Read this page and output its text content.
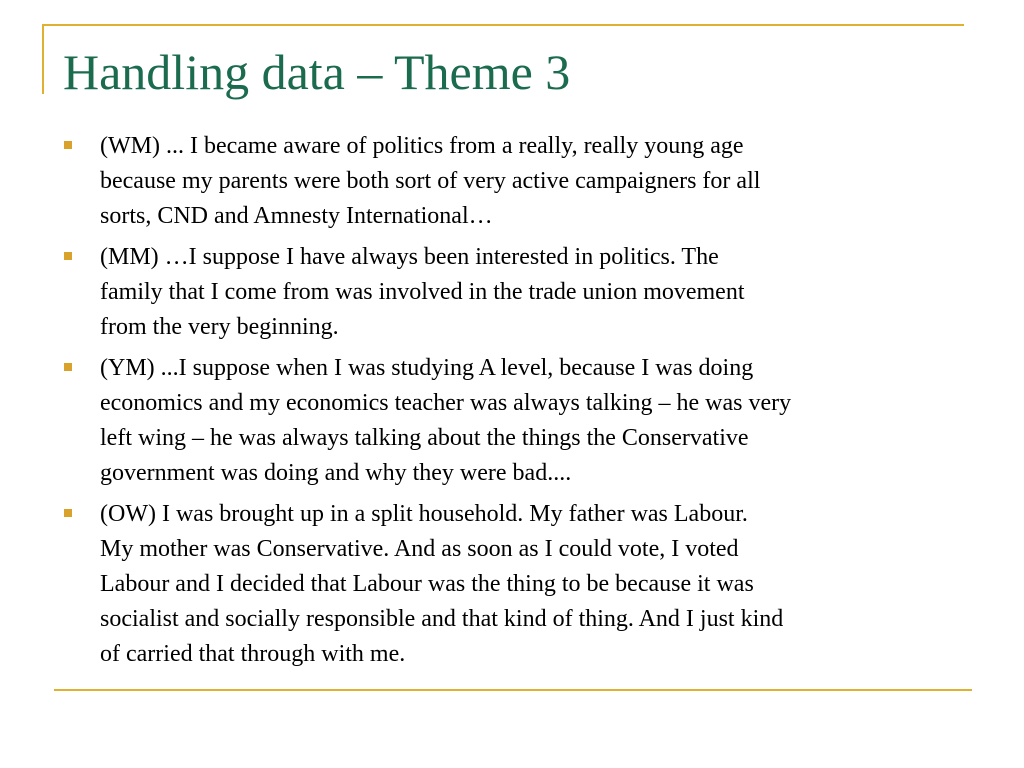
Handling data – Theme 3
(WM) ... I became aware of politics from a really, really young age
because my parents were both sort of very active campaigners for all
sorts, CND and Amnesty International…
(MM) …I suppose I have always been interested in politics. The
family that I come from was involved in the trade union movement
from the very beginning.
(YM) ...I suppose when I was studying A level, because I was doing
economics and my economics teacher was always talking – he was very
left wing – he was always talking about the things the Conservative
government was doing and why they were bad....
(OW) I was brought up in a split household. My father was Labour.
My mother was Conservative. And as soon as I could vote, I voted
Labour and I decided that Labour was the thing to be because it was
socialist and socially responsible and that kind of thing. And I just kind
of carried that through with me.
